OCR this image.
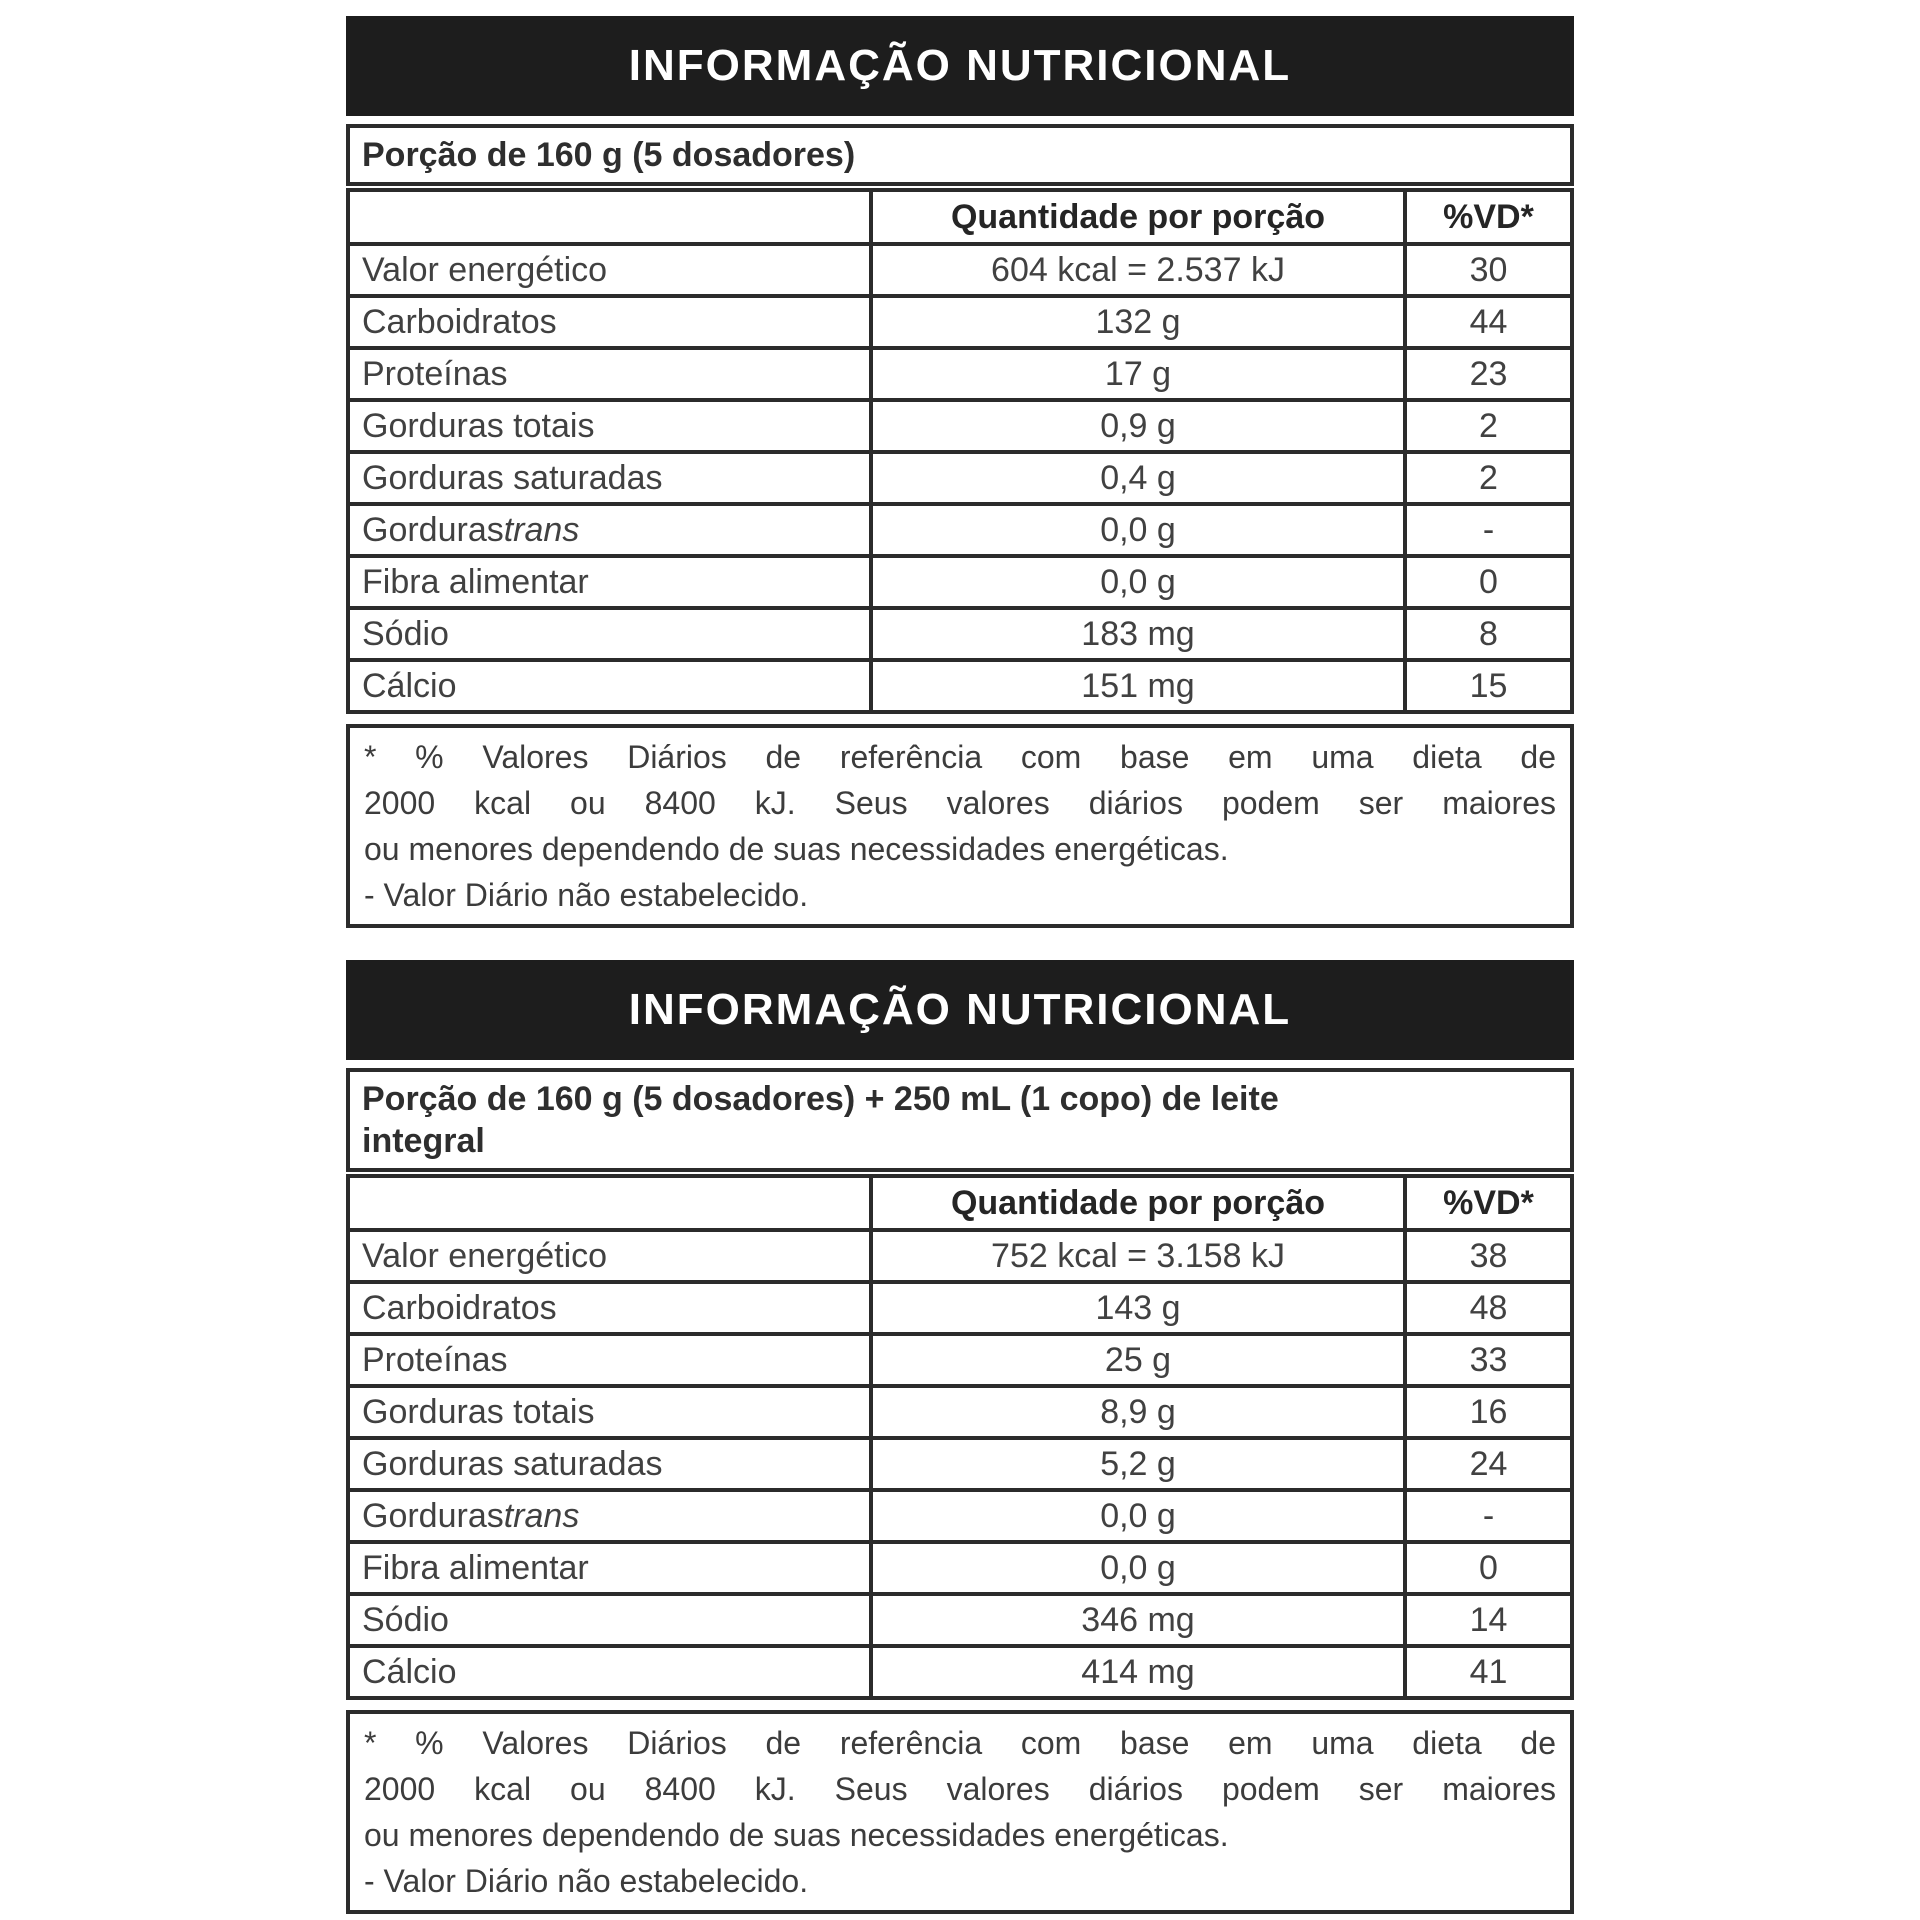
INFORMAÇÃO NUTRICIONAL
Porção de 160 g (5 dosadores)
Quantidade por porção	%VD*
Valor energético	604 kcal = 2.537 kJ	30
Carboidratos	132 g	44
Proteínas	17 g	23
Gorduras totais	0,9 g	2
Gorduras saturadas	0,4 g	2
Gorduras trans	0,0 g	-
Fibra alimentar	0,0 g	0
Sódio	183 mg	8
Cálcio	151 mg	15
* % Valores Diários de referência com base em uma dieta de
2000 kcal ou 8400 kJ. Seus valores diários podem ser maiores
ou menores dependendo de suas necessidades energéticas.
- Valor Diário não estabelecido.
INFORMAÇÃO NUTRICIONAL
Porção de 160 g (5 dosadores) + 250 mL (1 copo) de leite
integral
Quantidade por porção	%VD*
Valor energético	752 kcal = 3.158 kJ	38
Carboidratos	143 g	48
Proteínas	25 g	33
Gorduras totais	8,9 g	16
Gorduras saturadas	5,2 g	24
Gorduras trans	0,0 g	-
Fibra alimentar	0,0 g	0
Sódio	346 mg	14
Cálcio	414 mg	41
* % Valores Diários de referência com base em uma dieta de
2000 kcal ou 8400 kJ. Seus valores diários podem ser maiores
ou menores dependendo de suas necessidades energéticas.
- Valor Diário não estabelecido.
